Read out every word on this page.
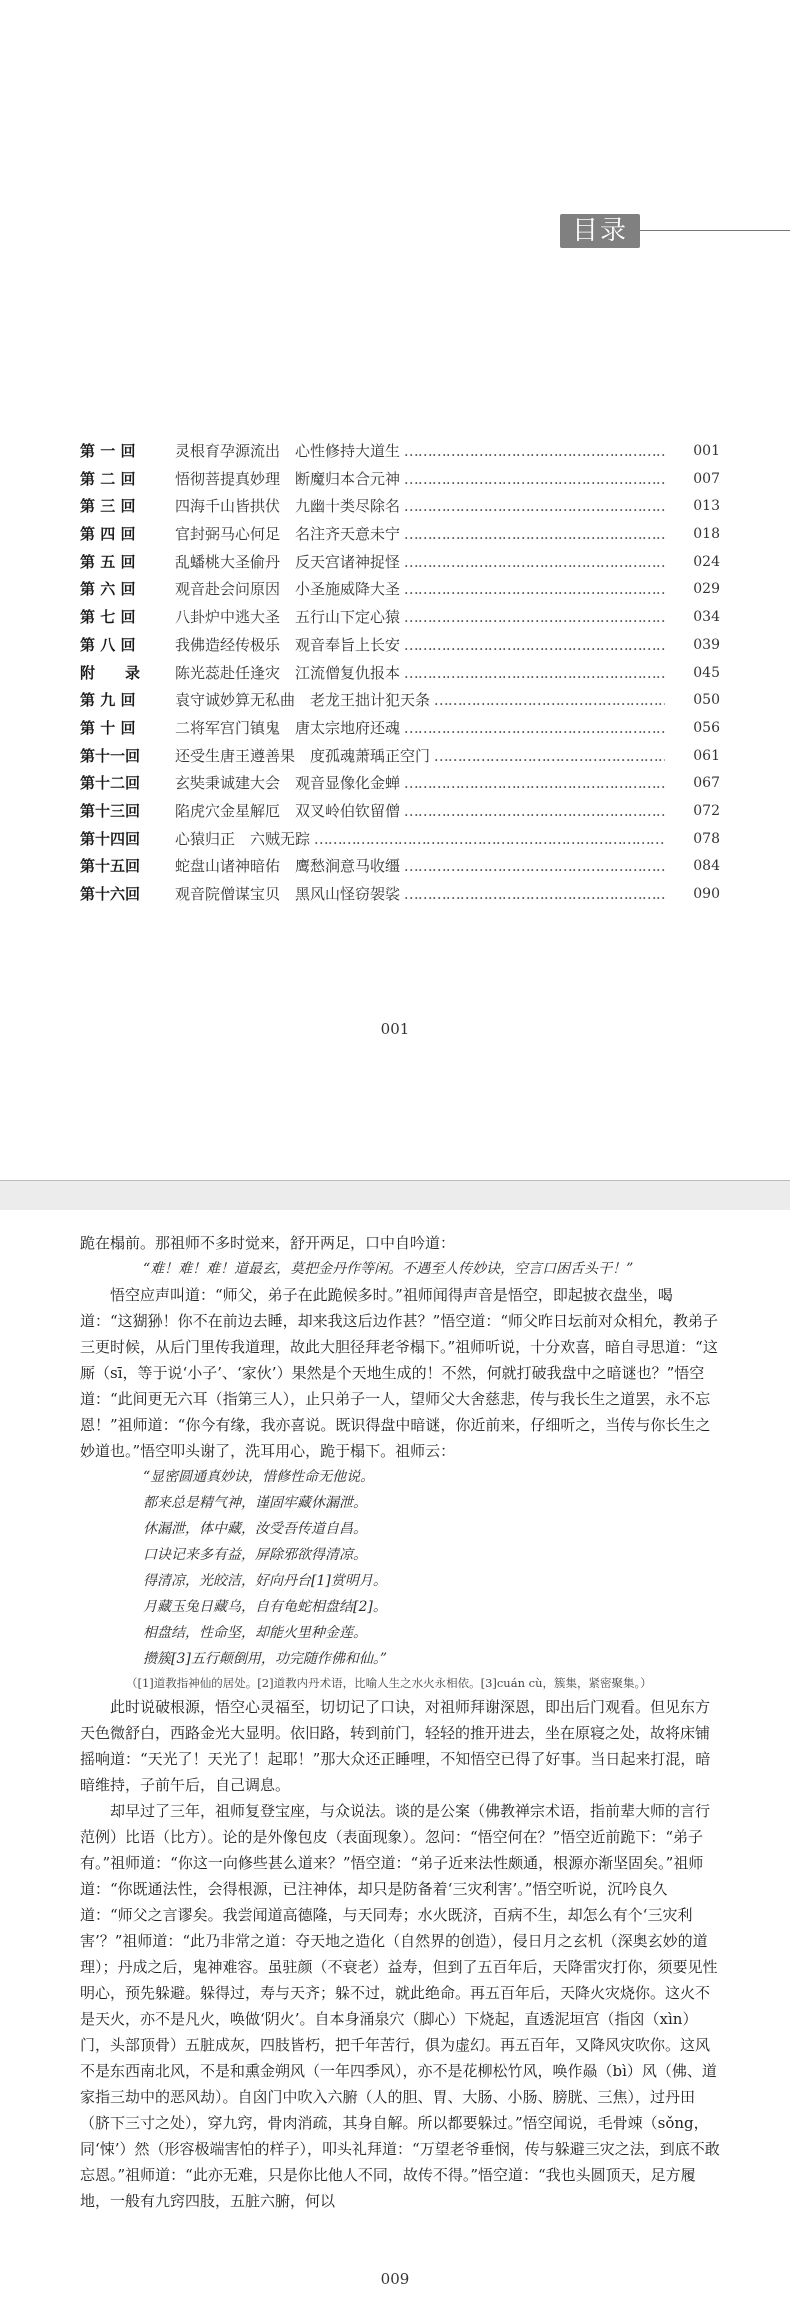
目录
第 一 回	灵根育孕源流出　心性修持大道生 ……………………………………………………………………………………	001
第 二 回	悟彻菩提真妙理　断魔归本合元神 ……………………………………………………………………………………	007
第 三 回	四海千山皆拱伏　九幽十类尽除名 ……………………………………………………………………………………	013
第 四 回	官封弼马心何足　名注齐天意未宁 ……………………………………………………………………………………	018
第 五 回	乱蟠桃大圣偷丹　反天宫诸神捉怪 ……………………………………………………………………………………	024
第 六 回	观音赴会问原因　小圣施威降大圣 ……………………………………………………………………………………	029
第 七 回	八卦炉中逃大圣　五行山下定心猿 ……………………………………………………………………………………	034
第 八 回	我佛造经传极乐　观音奉旨上长安 ……………………………………………………………………………………	039
附　　录	陈光蕊赴任逢灾　江流僧复仇报本 ……………………………………………………………………………………	045
第 九 回	袁守诚妙算无私曲　老龙王拙计犯天条 ……………………………………………………………………………………	050
第 十 回	二将军宫门镇鬼　唐太宗地府还魂 ……………………………………………………………………………………	056
第十一回	还受生唐王遵善果　度孤魂萧瑀正空门 ……………………………………………………………………………………	061
第十二回	玄奘秉诚建大会　观音显像化金蝉 ……………………………………………………………………………………	067
第十三回	陷虎穴金星解厄　双叉岭伯钦留僧 ……………………………………………………………………………………	072
第十四回	心猿归正　六贼无踪 ……………………………………………………………………………………	078
第十五回	蛇盘山诸神暗佑　鹰愁涧意马收缰 ……………………………………………………………………………………	084
第十六回	观音院僧谋宝贝　黑风山怪窃袈裟 ……………………………………………………………………………………	090
001

跪在榻前。那祖师不多时觉来，舒开两足，口中自吟道：

“难！难！难！道最玄，莫把金丹作等闲。不遇至人传妙诀，空言口困舌头干！”

悟空应声叫道：“师父，弟子在此跪候多时。”祖师闻得声音是悟空，即起披衣盘坐，喝道：“这猢狲！你不在前边去睡，却来我这后边作甚？”悟空道：“师父昨日坛前对众相允，教弟子三更时候，从后门里传我道理，故此大胆径拜老爷榻下。”祖师听说，十分欢喜，暗自寻思道：“这厮（sī，等于说‘小子’、‘家伙’）果然是个天地生成的！不然，何就打破我盘中之暗谜也？”悟空道：“此间更无六耳（指第三人），止只弟子一人，望师父大舍慈悲，传与我长生之道罢，永不忘恩！”祖师道：“你今有缘，我亦喜说。既识得盘中暗谜，你近前来，仔细听之，当传与你长生之妙道也。”悟空叩头谢了，洗耳用心，跪于榻下。祖师云：

“显密圆通真妙诀，惜修性命无他说。

都来总是精气神，谨固牢藏休漏泄。

休漏泄，体中藏，汝受吾传道自昌。

口诀记来多有益，屏除邪欲得清凉。

得清凉，光皎洁，好向丹台[1]赏明月。

月藏玉兔日藏乌，自有龟蛇相盘结[2]。

相盘结，性命坚，却能火里种金莲。

攒簇[3]五行颠倒用，功完随作佛和仙。”

（[1]道教指神仙的居处。[2]道教内丹术语，比喻人生之水火永相依。[3]cuán cù，簇集，紧密聚集。）

此时说破根源，悟空心灵福至，切切记了口诀，对祖师拜谢深恩，即出后门观看。但见东方天色微舒白，西路金光大显明。依旧路，转到前门，轻轻的推开进去，坐在原寝之处，故将床铺摇响道：“天光了！天光了！起耶！”那大众还正睡哩，不知悟空已得了好事。当日起来打混，暗暗维持，子前午后，自己调息。

却早过了三年，祖师复登宝座，与众说法。谈的是公案（佛教禅宗术语，指前辈大师的言行范例）比语（比方）。论的是外像包皮（表面现象）。忽问：“悟空何在？”悟空近前跪下：“弟子有。”祖师道：“你这一向修些甚么道来？”悟空道：“弟子近来法性颇通，根源亦渐坚固矣。”祖师道：“你既通法性，会得根源，已注神体，却只是防备着‘三灾利害’。”悟空听说，沉吟良久道：“师父之言谬矣。我尝闻道高德隆，与天同寿；水火既济，百病不生，却怎么有个‘三灾利害’？”祖师道：“此乃非常之道：夺天地之造化（自然界的创造），侵日月之玄机（深奥玄妙的道理）；丹成之后，鬼神难容。虽驻颜（不衰老）益寿，但到了五百年后，天降雷灾打你，须要见性明心，预先躲避。躲得过，寿与天齐；躲不过，就此绝命。再五百年后，天降火灾烧你。这火不是天火，亦不是凡火，唤做‘阴火’。自本身涌泉穴（脚心）下烧起，直透泥垣宫（指囟（xìn）门，头部顶骨）五脏成灰，四肢皆朽，把千年苦行，俱为虚幻。再五百年，又降风灾吹你。这风不是东西南北风，不是和熏金朔风（一年四季风），亦不是花柳松竹风，唤作赑（bì）风（佛、道家指三劫中的恶风劫）。自囟门中吹入六腑（人的胆、胃、大肠、小肠、膀胱、三焦），过丹田（脐下三寸之处），穿九窍，骨肉消疏，其身自解。所以都要躲过。”悟空闻说，毛骨竦（sǒng，同‘悚’）然（形容极端害怕的样子），叩头礼拜道：“万望老爷垂悯，传与躲避三灾之法，到底不敢忘恩。”祖师道：“此亦无难，只是你比他人不同，故传不得。”悟空道：“我也头圆顶天，足方履地，一般有九窍四肢，五脏六腑，何以

009
